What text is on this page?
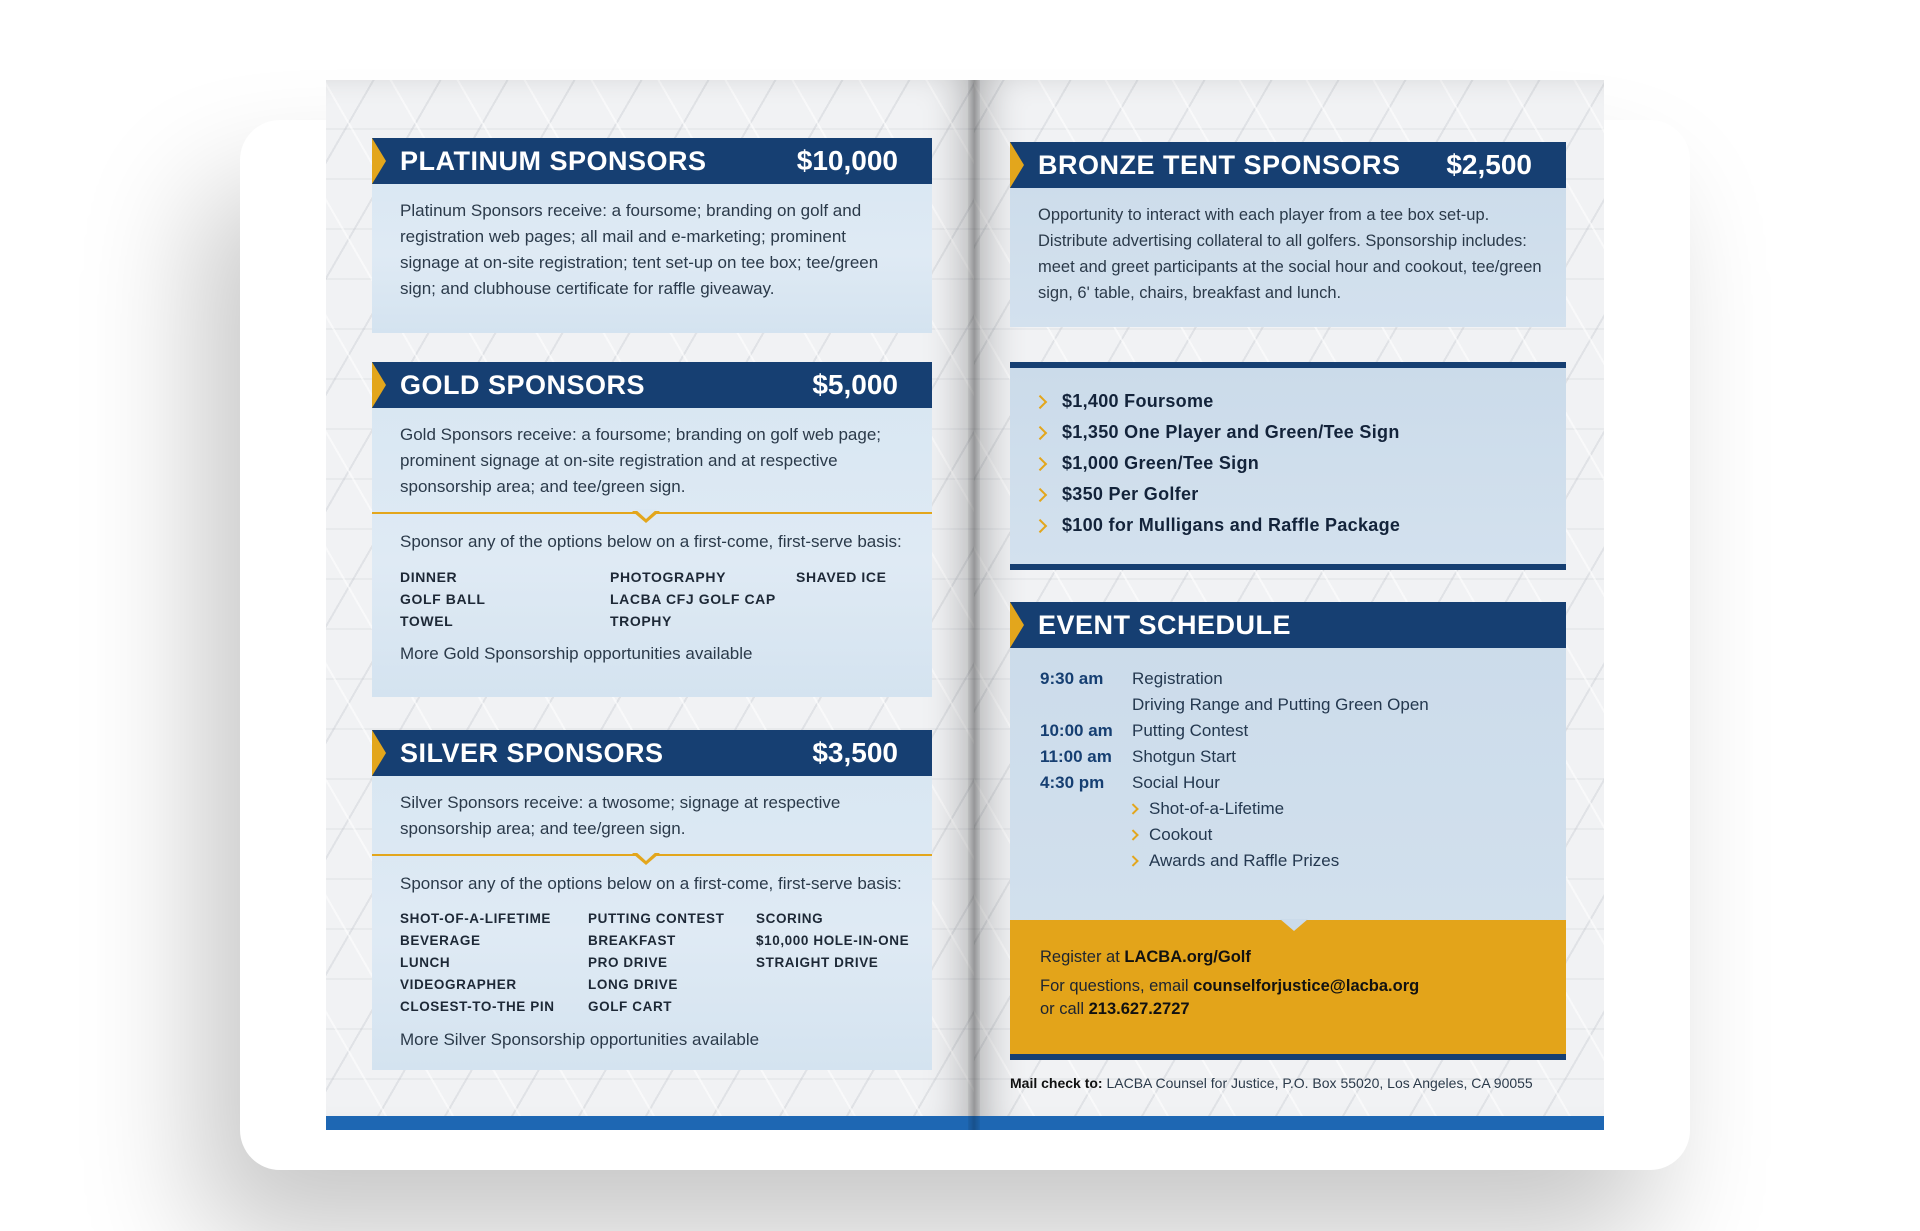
PLATINUM SPONSORS	$10,000
Platinum Sponsors receive: a foursome; branding on golf and registration web pages; all mail and e-marketing; prominent signage at on-site registration; tent set-up on tee box; tee/green sign; and clubhouse certificate for raffle giveaway.
GOLD SPONSORS	$5,000
Gold Sponsors receive: a foursome; branding on golf web page; prominent signage at on-site registration and at respective sponsorship area; and tee/green sign.
Sponsor any of the options below on a first-come, first-serve basis:
DINNER	PHOTOGRAPHY	SHAVED ICE
GOLF BALL	LACBA CFJ GOLF CAP
TOWEL	TROPHY
More Gold Sponsorship opportunities available
SILVER SPONSORS	$3,500
Silver Sponsors receive: a twosome; signage at respective sponsorship area; and tee/green sign.
Sponsor any of the options below on a first-come, first-serve basis:
SHOT-OF-A-LIFETIME	PUTTING CONTEST	SCORING
BEVERAGE	BREAKFAST	$10,000 HOLE-IN-ONE
LUNCH	PRO DRIVE	STRAIGHT DRIVE
VIDEOGRAPHER	LONG DRIVE
CLOSEST-TO-THE PIN	GOLF CART
More Silver Sponsorship opportunities available
BRONZE TENT SPONSORS	$2,500
Opportunity to interact with each player from a tee box set-up. Distribute advertising collateral to all golfers. Sponsorship includes: meet and greet participants at the social hour and cookout, tee/green sign, 6' table, chairs, breakfast and lunch.
$1,400 Foursome
$1,350 One Player and Green/Tee Sign
$1,000 Green/Tee Sign
$350 Per Golfer
$100 for Mulligans and Raffle Package
EVENT SCHEDULE
9:30 am	Registration
Driving Range and Putting Green Open
10:00 am	Putting Contest
11:00 am	Shotgun Start
4:30 pm	Social Hour
Shot-of-a-Lifetime
Cookout
Awards and Raffle Prizes
Register at LACBA.org/Golf
For questions, email counselforjustice@lacba.org
or call 213.627.2727
Mail check to: LACBA Counsel for Justice, P.O. Box 55020, Los Angeles, CA 90055
